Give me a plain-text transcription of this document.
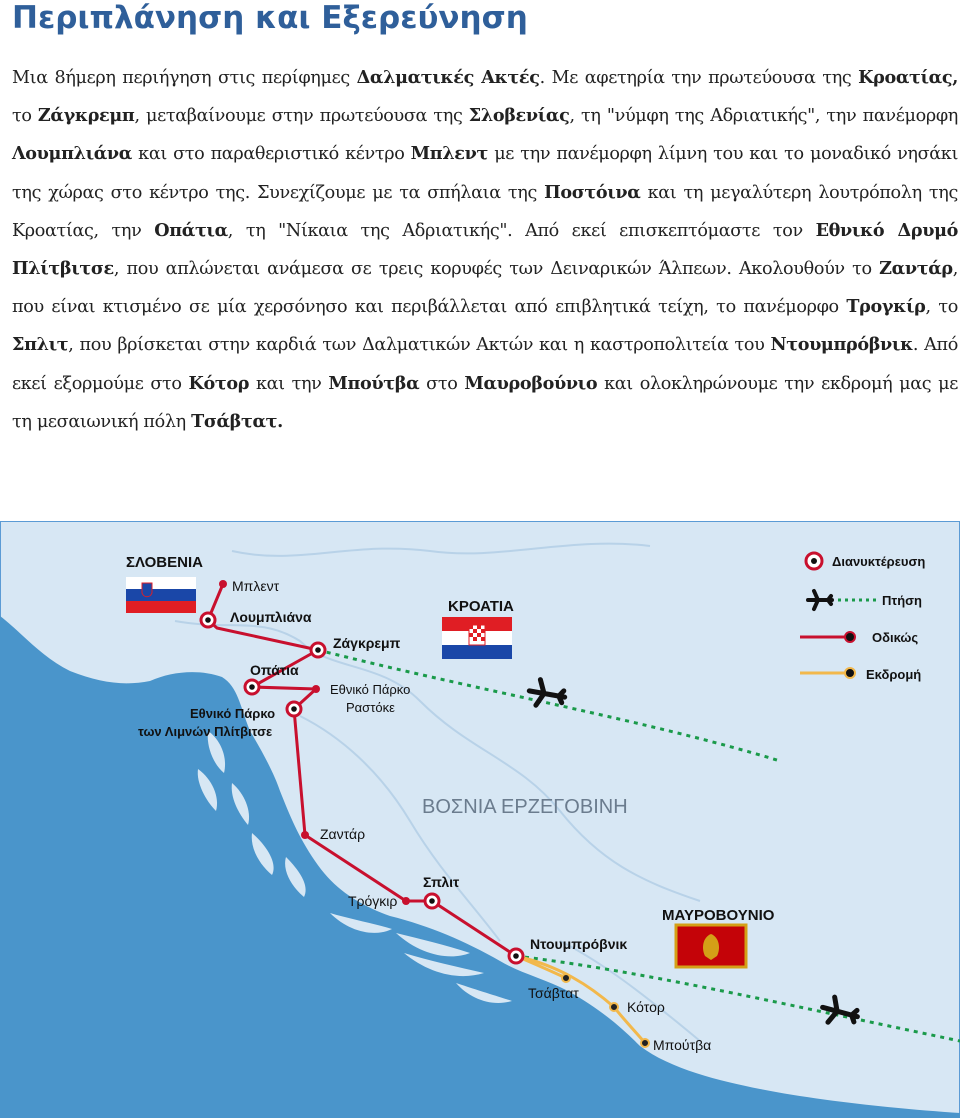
Περιπλάνηση και Εξερεύνηση

Μια 8ήμερη περιήγηση στις περίφημες Δαλματικές Ακτές. Με αφετηρία την πρωτεύουσα της Κροατίας, το Ζάγκρεμπ, μεταβαίνουμε στην πρωτεύουσα της Σλοβενίας, τη "νύμφη της Αδριατικής", την πανέμορφη Λουμπλιάνα και στο παραθεριστικό κέντρο Μπλεντ με την πανέμορφη λίμνη του και το μοναδικό νησάκι της χώρας στο κέντρο της. Συνεχίζουμε με τα σπήλαια της Ποστόινα και τη μεγαλύτερη λουτρόπολη της Κροατίας, την Οπάτια, τη "Νίκαια της Αδριατικής". Από εκεί επισκεπτόμαστε τον Εθνικό Δρυμό Πλίτβιτσε, που απλώνεται ανάμεσα σε τρεις κορυφές των Δειναρικών Άλπεων. Ακολουθούν το Ζαντάρ, που είναι κτισμένο σε μία χερσόνησο και περιβάλλεται από επιβλητικά τείχη, το πανέμορφο Τρογκίρ, το Σπλιτ, που βρίσκεται στην καρδιά των Δαλματικών Ακτών και η καστροπολιτεία του Ντουμπρόβνικ. Από εκεί εξορμούμε στο Κότορ και την Μπούτβα στο Μαυροβούνιο και ολοκληρώνουμε την εκδρομή μας με τη μεσαιωνική πόλη Τσάβτατ.

ΣΛΟΒΕΝΙΑ
ΚΡΟΑΤΙΑ
ΒΟΣΝΙΑ ΕΡΖΕΓΟΒΙΝΗ
ΜΑΥΡΟΒΟΥΝΙΟ
Μπλεντ
Λουμπλιάνα
Ζάγκρεμπ
Οπάτια
Εθνικό Πάρκο
Ραστόκε
Εθνικό Πάρκο
των Λιμνών Πλίτβιτσε
Ζαντάρ
Τρόγκιρ
Σπλιτ
Ντουμπρόβνικ
Τσάβτατ
Κότορ
Μπούτβα
Διανυκτέρευση
Πτήση
Οδικώς
Εκδρομή
